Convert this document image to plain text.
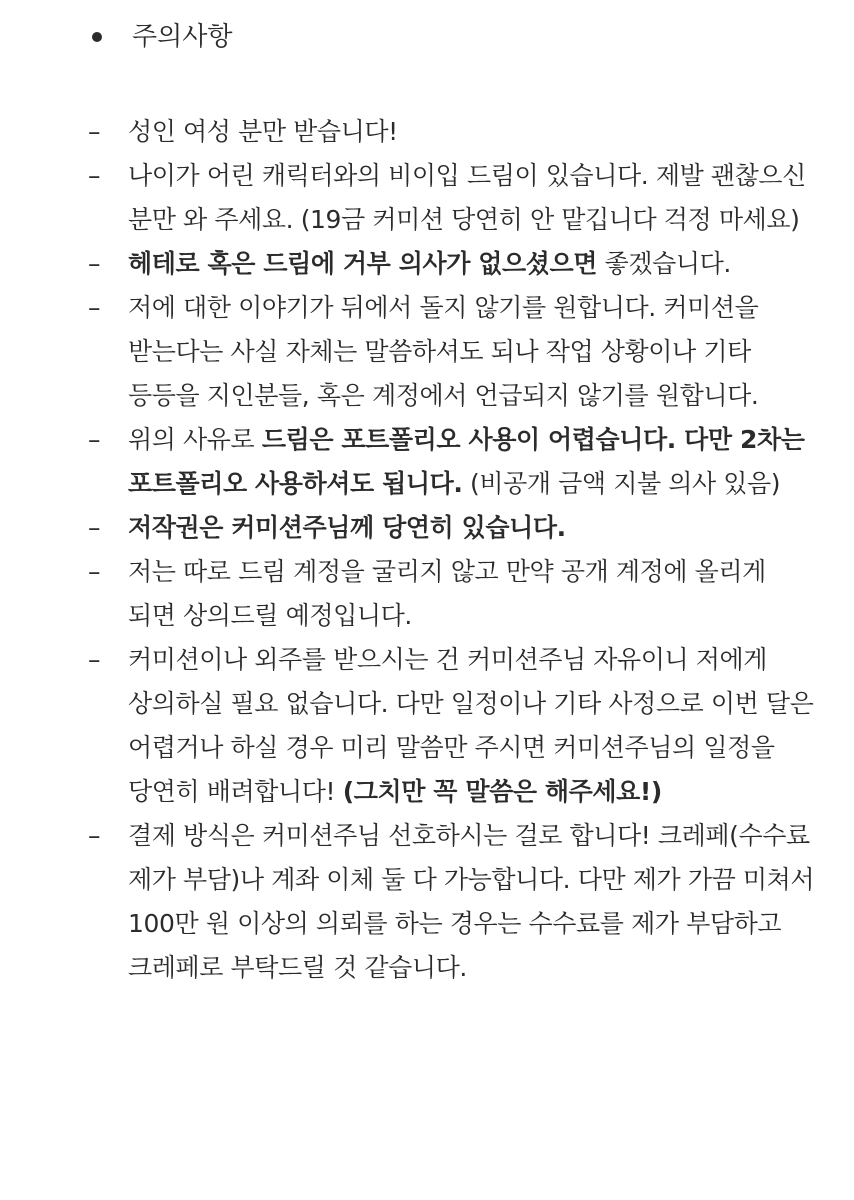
주의사항
– 성인 여성 분만 받습니다!
– 나이가 어린 캐릭터와의 비이입 드림이 있습니다. 제발 괜찮으신 분만 와 주세요. (19금 커미션 당연히 안 맡깁니다 걱정 마세요)
– 헤테로 혹은 드림에 거부 의사가 없으셨으면 좋겠습니다.
– 저에 대한 이야기가 뒤에서 돌지 않기를 원합니다. 커미션을 받는다는 사실 자체는 말씀하셔도 되나 작업 상황이나 기타 등등을 지인분들, 혹은 계정에서 언급되지 않기를 원합니다.
– 위의 사유로 드림은 포트폴리오 사용이 어렵습니다. 다만 2차는 포트폴리오 사용하셔도 됩니다. (비공개 금액 지불 의사 있음)
– 저작권은 커미션주님께 당연히 있습니다.
– 저는 따로 드림 계정을 굴리지 않고 만약 공개 계정에 올리게 되면 상의드릴 예정입니다.
– 커미션이나 외주를 받으시는 건 커미션주님 자유이니 저에게 상의하실 필요 없습니다. 다만 일정이나 기타 사정으로 이번 달은 어렵거나 하실 경우 미리 말씀만 주시면 커미션주님의 일정을 당연히 배려합니다! (그치만 꼭 말씀은 해주세요!)
– 결제 방식은 커미션주님 선호하시는 걸로 합니다! 크레페(수수료 제가 부담)나 계좌 이체 둘 다 가능합니다. 다만 제가 가끔 미쳐서 100만 원 이상의 의뢰를 하는 경우는 수수료를 제가 부담하고 크레페로 부탁드릴 것 같습니다.
